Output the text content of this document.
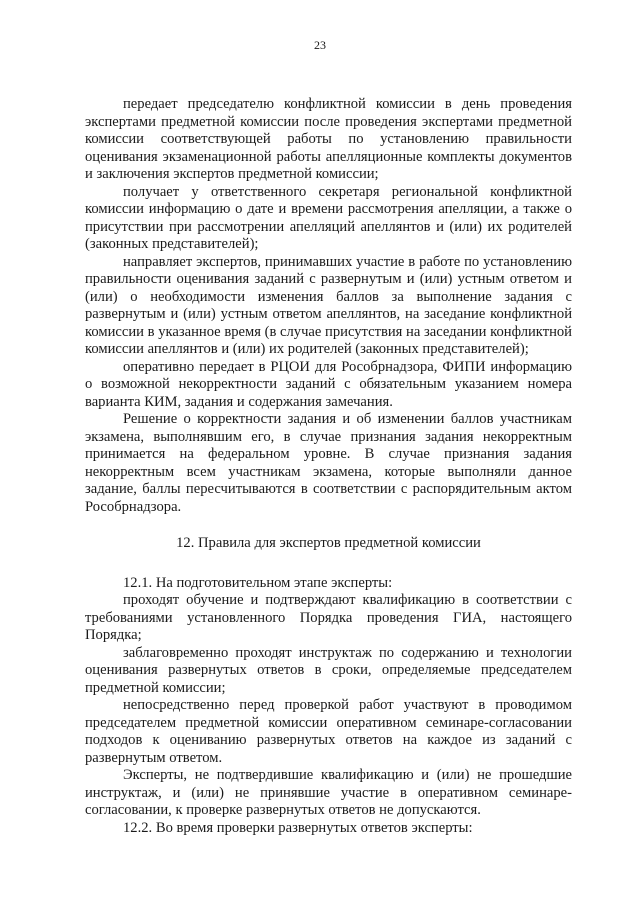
23

передает председателю конфликтной комиссии в день проведения экспертами предметной комиссии после проведения экспертами предметной комиссии соответствующей работы по установлению правильности оценивания экзаменационной работы апелляционные комплекты документов и заключения экспертов предметной комиссии;

получает у ответственного секретаря региональной конфликтной комиссии информацию о дате и времени рассмотрения апелляции, а также о присутствии при рассмотрении апелляций апеллянтов и (или) их родителей (законных представителей);

направляет экспертов, принимавших участие в работе по установлению правильности оценивания заданий с развернутым и (или) устным ответом и (или) о необходимости изменения баллов за выполнение задания с развернутым и (или) устным ответом апеллянтов, на заседание конфликтной комиссии в указанное время (в случае присутствия на заседании конфликтной комиссии апеллянтов и (или) их родителей (законных представителей);

оперативно передает в РЦОИ для Рособрнадзора, ФИПИ информацию о возможной некорректности заданий с обязательным указанием номера варианта КИМ, задания и содержания замечания.

Решение о корректности задания и об изменении баллов участникам экзамена, выполнявшим его, в случае признания задания некорректным принимается на федеральном уровне. В случае признания задания некорректным всем участникам экзамена, которые выполняли данное задание, баллы пересчитываются в соответствии с распорядительным актом Рособрнадзора.

12. Правила для экспертов предметной комиссии

12.1. На подготовительном этапе эксперты:

проходят обучение и подтверждают квалификацию в соответствии с требованиями установленного Порядка проведения ГИА, настоящего Порядка;

заблаговременно проходят инструктаж по содержанию и технологии оценивания развернутых ответов в сроки, определяемые председателем предметной комиссии;

непосредственно перед проверкой работ участвуют в проводимом председателем предметной комиссии оперативном семинаре-согласовании подходов к оцениванию развернутых ответов на каждое из заданий с развернутым ответом.

Эксперты, не подтвердившие квалификацию и (или) не прошедшие инструктаж, и (или) не принявшие участие в оперативном семинаре-согласовании, к проверке развернутых ответов не допускаются.

12.2. Во время проверки развернутых ответов эксперты:
